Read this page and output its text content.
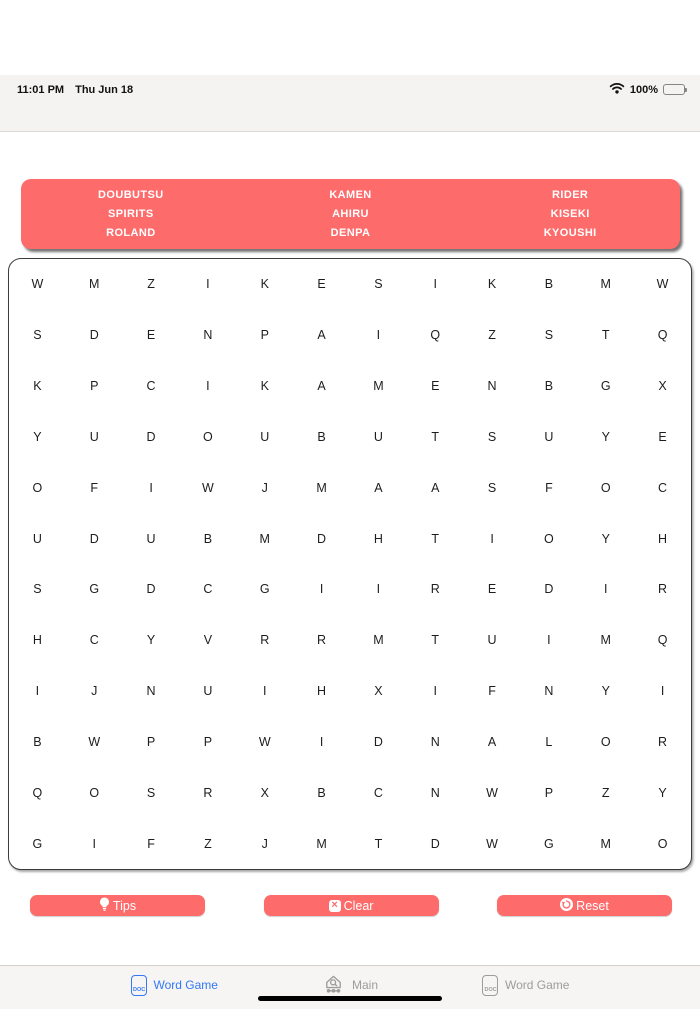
11:01 PM Thu Jun 18	100%
DOUBUTSU	KAMEN	RIDER
SPIRITS	AHIRU	KISEKI
ROLAND	DENPA	KYOUSHI
W	M	Z	I	K	E	S	I	K	B	M	W
S	D	E	N	P	A	I	Q	Z	S	T	Q
K	P	C	I	K	A	M	E	N	B	G	X
Y	U	D	O	U	B	U	T	S	U	Y	E
O	F	I	W	J	M	A	A	S	F	O	C
U	D	U	B	M	D	H	T	I	O	Y	H
S	G	D	C	G	I	I	R	E	D	I	R
H	C	Y	V	R	R	M	T	U	I	M	Q
I	J	N	U	I	H	X	I	F	N	Y	I
B	W	P	P	W	I	D	N	A	L	O	R
Q	O	S	R	X	B	C	N	W	P	Z	Y
G	I	F	Z	J	M	T	D	W	G	M	O
Tips	× Clear	Reset
DOC Word Game	Main	DOC Word Game
